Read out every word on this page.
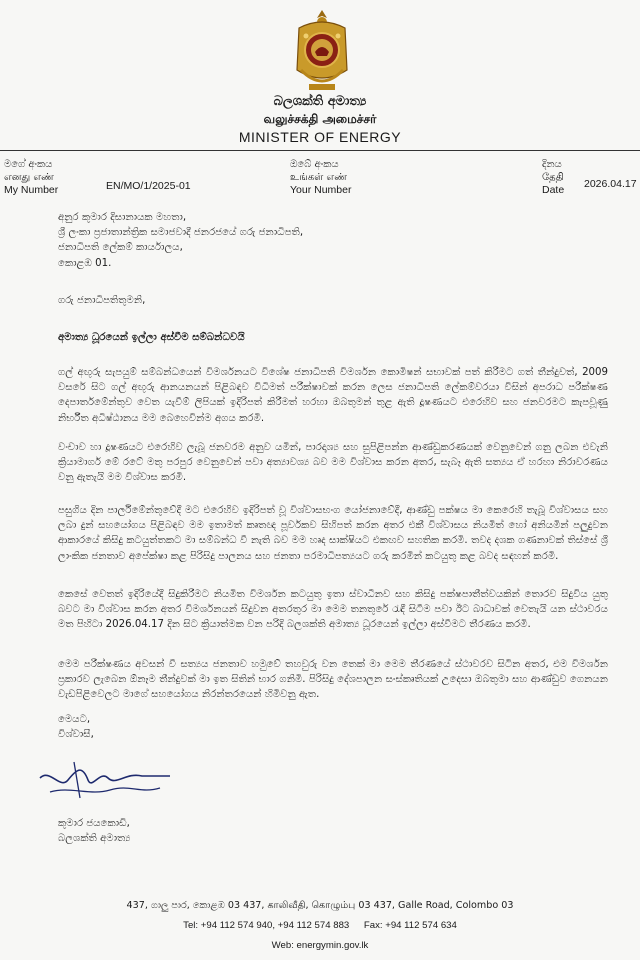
බලශක්ති අමාත්‍ය
வலுச்சக்தி அமைச்சர்
MINISTER OF ENERGY
මගේ අංකය
எனது எண்
My Number	EN/MO/1/2025-01
ඔබේ අංකය
உங்கள் எண்
Your Number
දිනය
தேதி
Date 2026.04.17
අනුර කුමාර දිසානායක මහතා,
ශ්‍රී ලංකා ප්‍රජාතාන්ත්‍රික සමාජවාදී ජනරජයේ ගරු ජනාධිපති,
ජනාධිපති ලේකම් කාර්යාලය,
කොළඹ 01.
ගරු ජනාධිපතිතුමනි,
අමාත්‍ය ධූරයෙන් ඉල්ලා අස්වීම සම්බන්ධවයි
ගල් අඟුරු සැපයුම් සම්බන්ධයෙන් විමර්ශනයට විශේෂ ජනාධිපති විමර්ශන කොමිෂන් සභාවක් පත් කිරීමට ගත් තීන්දුවත්, 2009 වසරේ සිට ගල් අඟුරු ආනයනයන් පිළිබඳව විධිමත් පරීක්ෂාවක් කරන ලෙස ජනාධිපති ලේකම්වරයා විසින් අපරාධ පරීක්ෂණ දෙපාර්තමේන්තුව වෙත යැවීම් ලිපියක් ඉදිරිපත් කිරීමත් හරහා ඔබතුමන් තුළ ඇති දූෂණයට එරෙහිව සහ ජනවරමට කැපවූණු නිර්භීත අධිෂ්ඨානය මම බෙහෙවින්ම අගය කරමි.
වංචාව හා දූෂණයට එරෙහිව ලැබූ ජනවරම අනුව යමින්, පාරදෘශ්‍ය සහ සුපිළිපන්න ආණ්ඩුකරණයක් වෙනුවෙන් ගනු ලබන එවැනි ක්‍රියාමාර්ග මේ රටේ මතු පරපුර වෙනුවෙන් පවා අත්‍යාවශ්‍ය බව මම විශ්වාස කරන අතර, සැබෑ ඇති සත්‍යය ඒ හරහා නිරාවරණය වනු ඇතැයි මම විශ්වාස කරමි.
පසුගිය දින පාර්ලිමේන්තුවේදී මට එරෙහිව ඉදිරිපත් වූ විශ්වාසභංග යෝජනාවේදී, ආණ්ඩු පක්ෂය මා කෙරෙහි තැබූ විශ්වාසය සහ ලබා දුන් සහයෝගය පිළිබඳව මම ඉතාමත් කෘතඥ පූර්වකව සිහිපත් කරන අතර එකී විශ්වාසය නියමිත් හෝ අනියමින් පලුදුවන ආකාරයේ කිසිදු කටයුත්තකට මා සම්බන්ධ වී නැති බව මම හෘද සාක්ෂියට එකඟව සහතික කරමි. තවද දශක ගණනාවක් තිස්සේ ශ්‍රී ලාංකික ජනතාව අපේක්ෂා කළ පිරිසිදු පාලනය සහ ජනතා පරමාධිපත්‍යයට ගරු කරමින් කටයුතු කළ බවද සඳහන් කරමි.
කෙසේ වෙතත් ඉදිරියේදී සිදුකිරීමට නියමිත විමර්ශන කටයුතු ඉතා ස්වාධීනව සහ කිසිදු පක්ෂපාතීත්වයකින් තොරව සිදුවිය යුතු බවට මා විශ්වාස කරන අතර විමර්ශනයන් සිදුවන අතරතුර මා මෙම තනතුරේ රැඳී සිටීම පවා ඊට බාධාවක් වෙතැයි යන ස්ථාවරය මත පිහිටා 2026.04.17 දින සිට ක්‍රියාත්මක වන පරිදි බලශක්ති අමාත්‍ය ධූරයෙන් ඉල්ලා අස්වීමට තීරණය කරමි.
මෙම පරීක්ෂණය අවසන් වී සත්‍යය ජනතාව හමුවේ තහවුරු වන තෙක් මා මෙම තීරණයේ ස්ථාවරව සිටින අතර, එම විමර්ශන ප්‍රකාරව ලැබෙන ඕනෑම තීන්දුවක් මා ඉත සිතින් භාර ගනිමි. පිරිසිදු දේශපාලන සංස්කෘතියක් උදෙසා ඔබතුමා සහ ආණ්ඩුව ගෙනයන වැඩපිළිවෙලට මාගේ සහයෝගය නිරන්තරයෙන් හිමිවනු ඇත.
මෙයට,
විශ්වාසී,
කුමාර ජයකොඩි,
බලශක්ති අමාත්‍ය
437, ගාලු පාර, කොළඹ 03 437, காலிவீதி, கொழும்பு 03 437, Galle Road, Colombo 03
Tel: +94 112 574 940, +94 112 574 883 Fax: +94 112 574 634
Web: energymin.gov.lk
